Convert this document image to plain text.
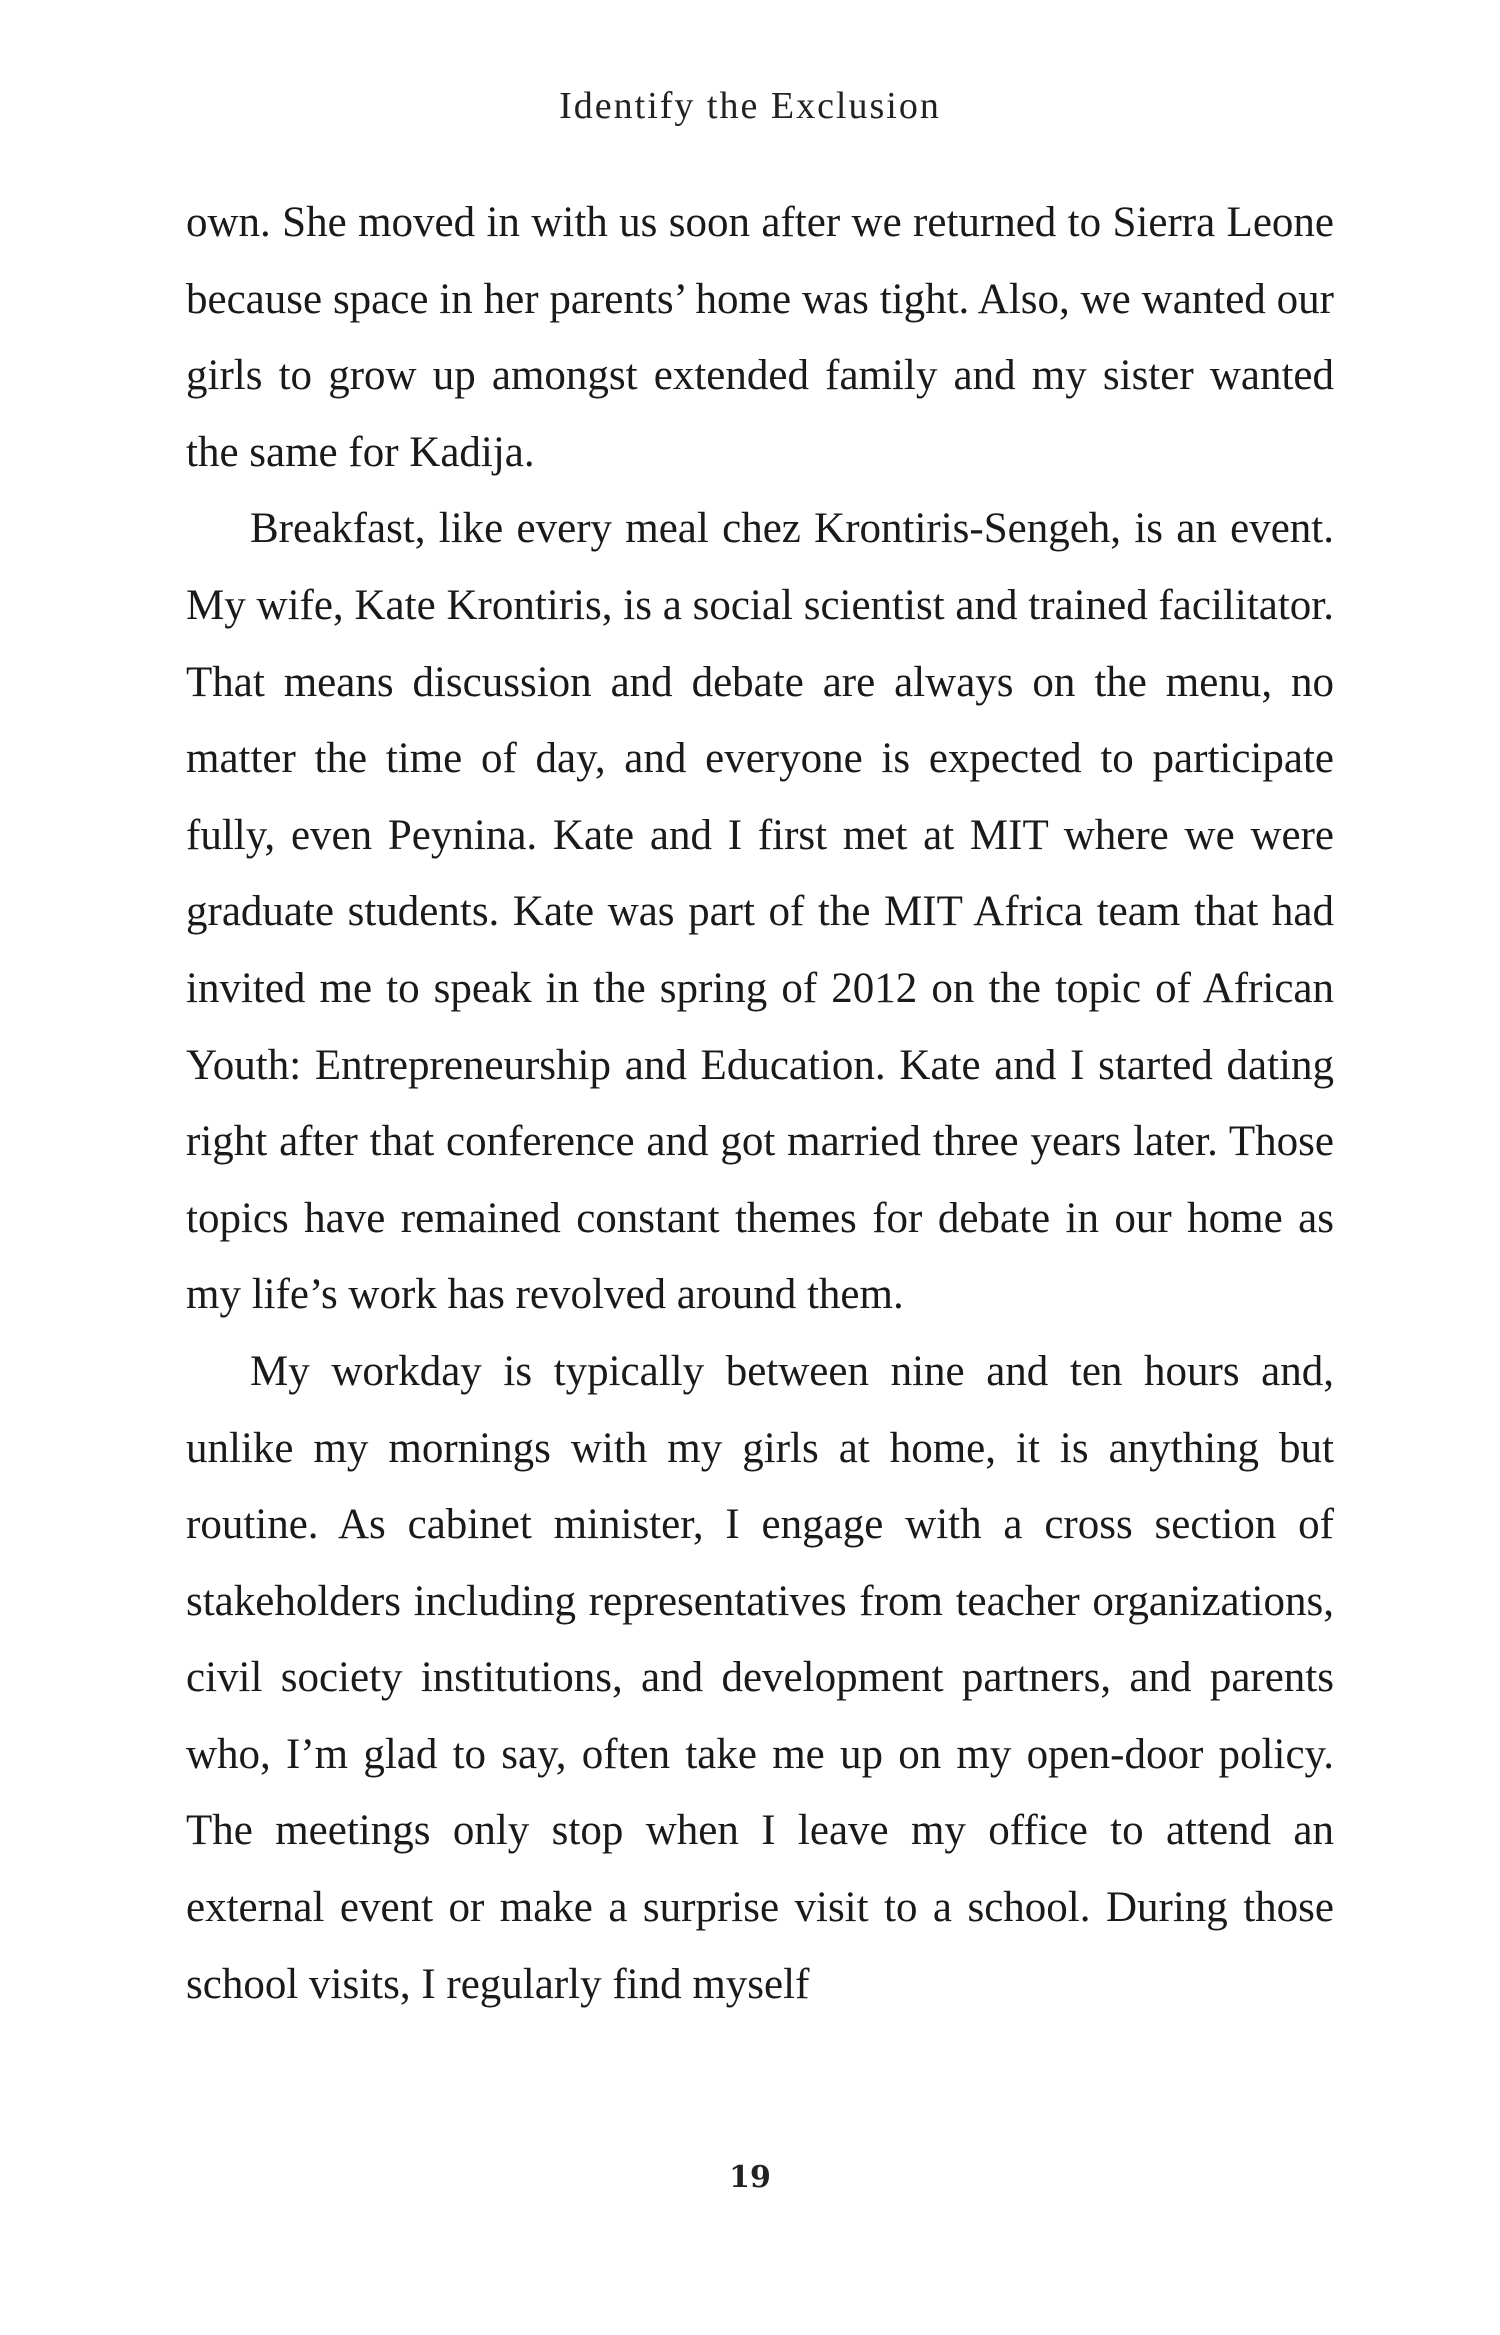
Identify the Exclusion

own. She moved in with us soon after we returned to Sierra Leone because space in her parents’ home was tight. Also, we wanted our girls to grow up amongst extended family and my sister wanted the same for Kadija.

Breakfast, like every meal chez Krontiris-Sengeh, is an event. My wife, Kate Krontiris, is a social scientist and trained facilitator. That means discussion and debate are always on the menu, no matter the time of day, and everyone is expected to participate fully, even Peynina. Kate and I first met at MIT where we were graduate students. Kate was part of the MIT Africa team that had invited me to speak in the spring of 2012 on the topic of African Youth: Entrepreneurship and Education. Kate and I started dating right after that conference and got married three years later. Those topics have remained constant themes for debate in our home as my life’s work has revolved around them.

My workday is typically between nine and ten hours and, unlike my mornings with my girls at home, it is anything but routine. As cabinet minister, I engage with a cross section of stakeholders including representatives from teacher organizations, civil society institutions, and development partners, and parents who, I’m glad to say, often take me up on my open-door policy. The meetings only stop when I leave my office to attend an external event or make a surprise visit to a school. During those school visits, I regularly find myself

19
